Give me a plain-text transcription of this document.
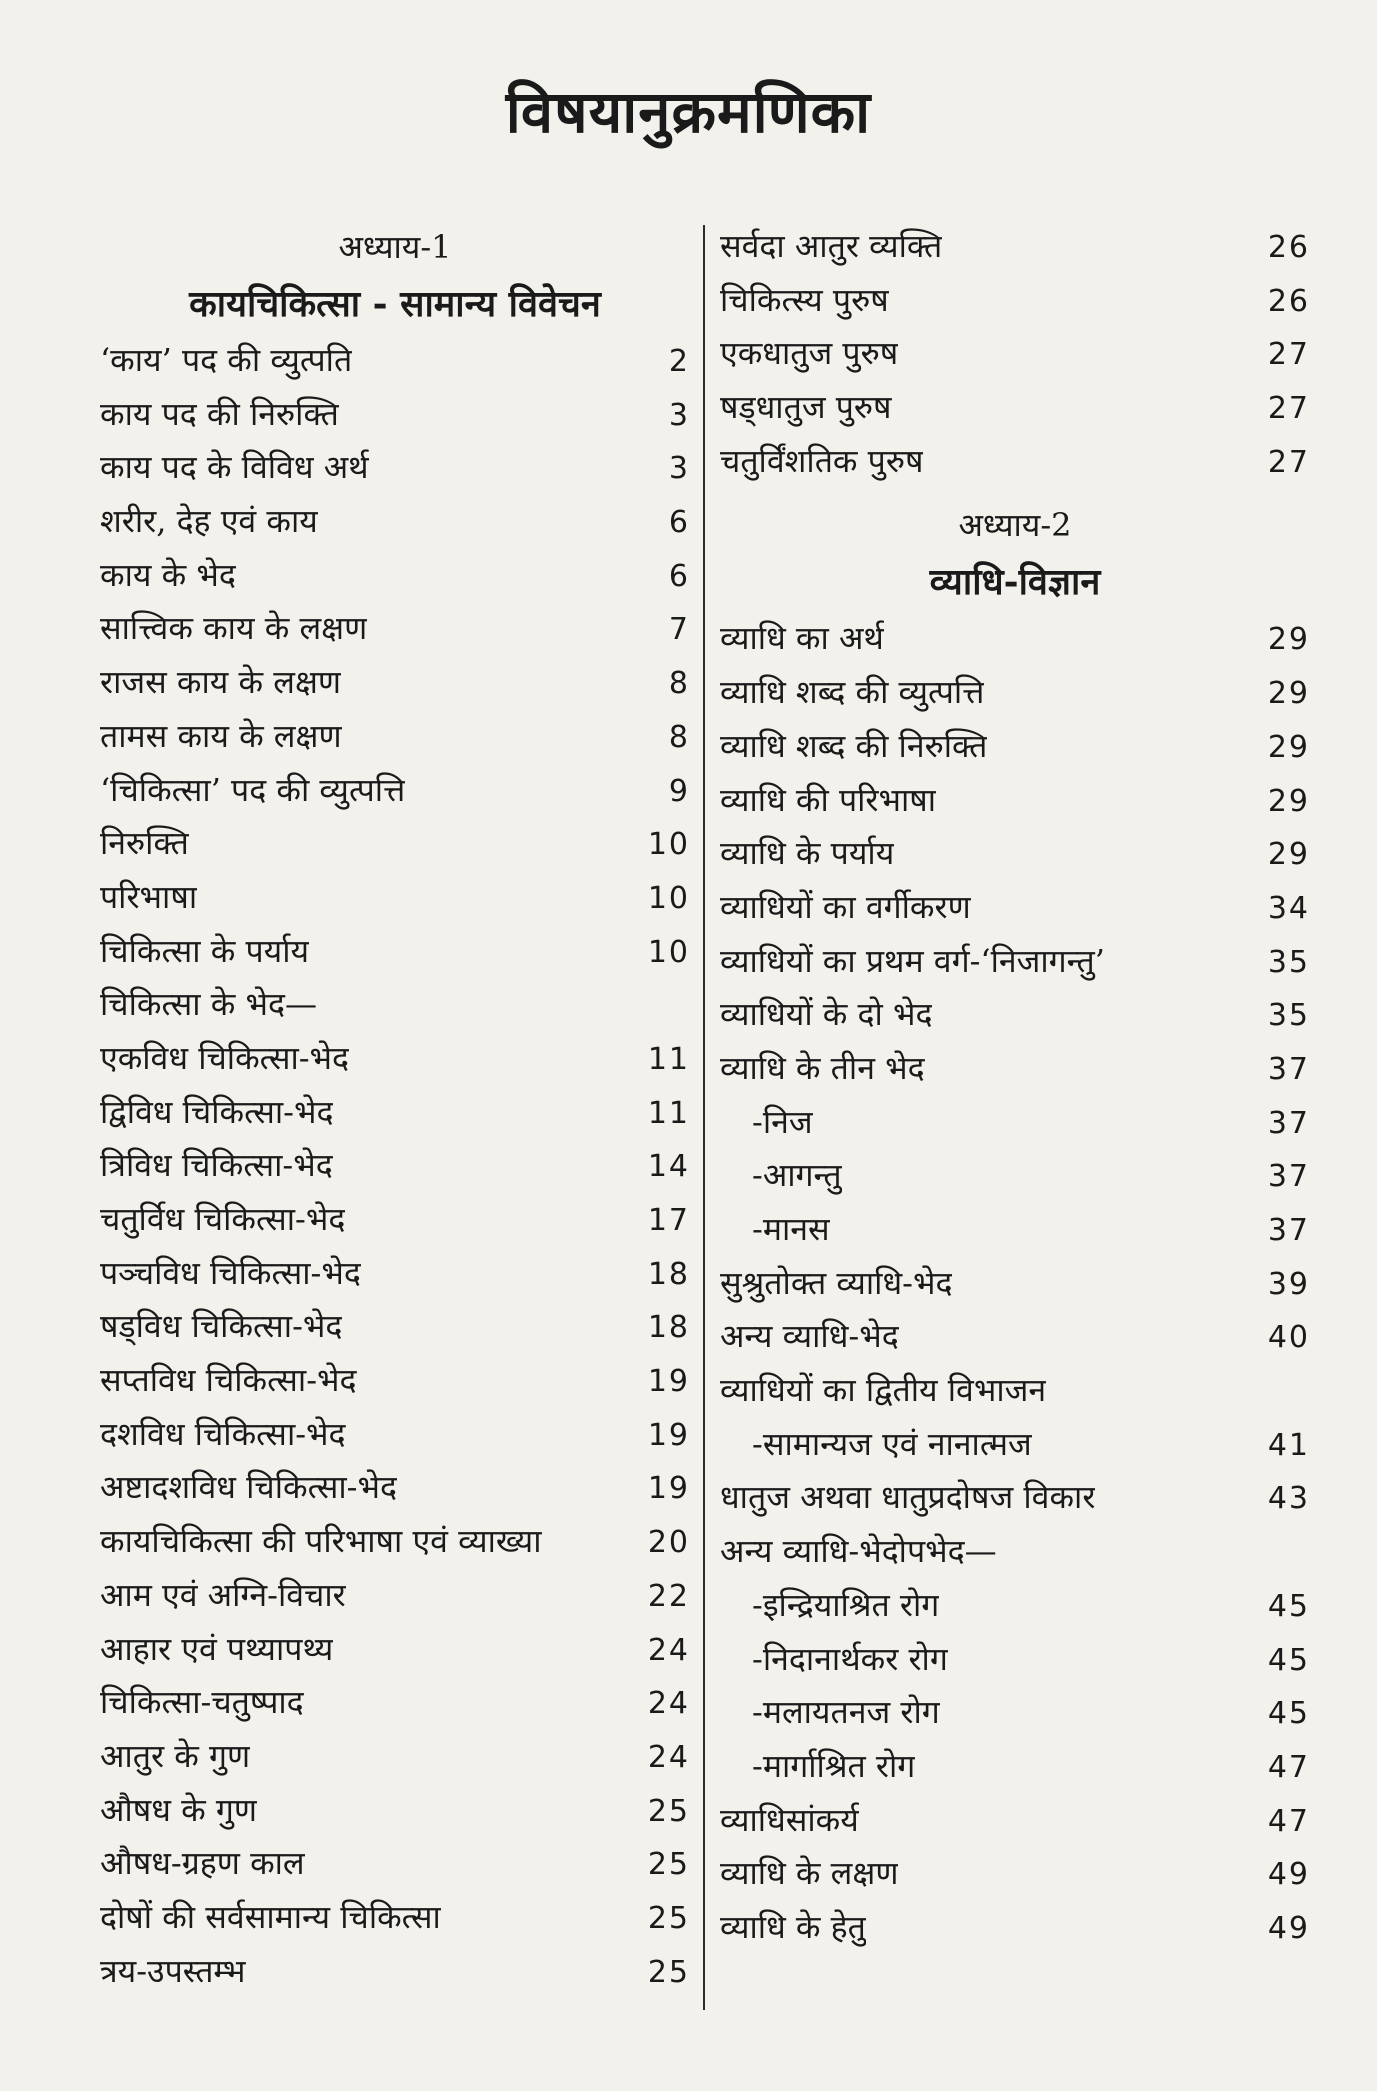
विषयानुक्रमणिका
अध्याय-1
कायचिकित्सा - सामान्य विवेचन
‘काय’ पद की व्युत्पति	2
काय पद की निरुक्ति	3
काय पद के विविध अर्थ	3
शरीर, देह एवं काय	6
काय के भेद	6
सात्त्विक काय के लक्षण	7
राजस काय के लक्षण	8
तामस काय के लक्षण	8
‘चिकित्सा’ पद की व्युत्पत्ति	9
निरुक्ति	10
परिभाषा	10
चिकित्सा के पर्याय	10
चिकित्सा के भेद—
एकविध चिकित्सा-भेद	11
द्विविध चिकित्सा-भेद	11
त्रिविध चिकित्सा-भेद	14
चतुर्विध चिकित्सा-भेद	17
पञ्चविध चिकित्सा-भेद	18
षड्विध चिकित्सा-भेद	18
सप्तविध चिकित्सा-भेद	19
दशविध चिकित्सा-भेद	19
अष्टादशविध चिकित्सा-भेद	19
कायचिकित्सा की परिभाषा एवं व्याख्या	20
आम एवं अग्नि-विचार	22
आहार एवं पथ्यापथ्य	24
चिकित्सा-चतुष्पाद	24
आतुर के गुण	24
औषध के गुण	25
औषध-ग्रहण काल	25
दोषों की सर्वसामान्य चिकित्सा	25
त्रय-उपस्तम्भ	25
सर्वदा आतुर व्यक्ति	26
चिकित्स्य पुरुष	26
एकधातुज पुरुष	27
षड्धातुज पुरुष	27
चतुर्विंशतिक पुरुष	27
अध्याय-2
व्याधि-विज्ञान
व्याधि का अर्थ	29
व्याधि शब्द की व्युत्पत्ति	29
व्याधि शब्द की निरुक्ति	29
व्याधि की परिभाषा	29
व्याधि के पर्याय	29
व्याधियों का वर्गीकरण	34
व्याधियों का प्रथम वर्ग-‘निजागन्तु’	35
व्याधियों के दो भेद	35
व्याधि के तीन भेद	37
-निज	37
-आगन्तु	37
-मानस	37
सुश्रुतोक्त व्याधि-भेद	39
अन्य व्याधि-भेद	40
व्याधियों का द्वितीय विभाजन
-सामान्यज एवं नानात्मज	41
धातुज अथवा धातुप्रदोषज विकार	43
अन्य व्याधि-भेदोपभेद—
-इन्द्रियाश्रित रोग	45
-निदानार्थकर रोग	45
-मलायतनज रोग	45
-मार्गाश्रित रोग	47
व्याधिसांकर्य	47
व्याधि के लक्षण	49
व्याधि के हेतु	49
